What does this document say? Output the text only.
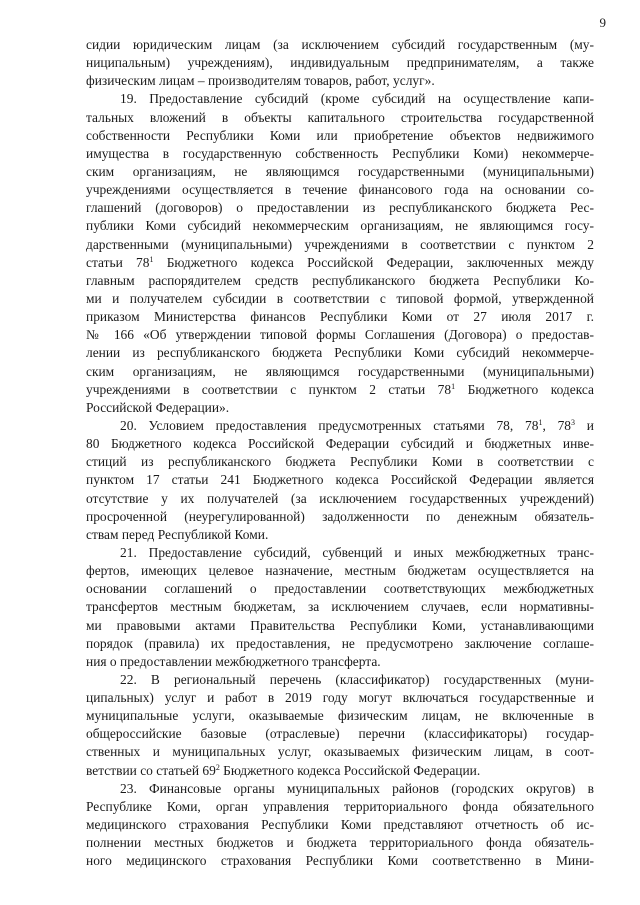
9
сидии юридическим лицам (за исключением субсидий государственным (му-
ниципальным) учреждениям), индивидуальным предпринимателям, а также
физическим лицам – производителям товаров, работ, услуг».
19. Предоставление субсидий (кроме субсидий на осуществление капи-
тальных вложений в объекты капитального строительства государственной
собственности Республики Коми или приобретение объектов недвижимого
имущества в государственную собственность Республики Коми) некоммерче-
ским организациям, не являющимся государственными (муниципальными)
учреждениями осуществляется в течение финансового года на основании со-
глашений (договоров) о предоставлении из республиканского бюджета Рес-
публики Коми субсидий некоммерческим организациям, не являющимся госу-
дарственными (муниципальными) учреждениями в соответствии с пунктом 2
статьи $78^1$ Бюджетного кодекса Российской Федерации, заключенных между
главным распорядителем средств республиканского бюджета Республики Ко-
ми и получателем субсидии в соответствии с типовой формой, утвержденной
приказом Министерства финансов Республики Коми от 27 июля 2017 г.
№ 166 «Об утверждении типовой формы Соглашения (Договора) о предостав-
лении из республиканского бюджета Республики Коми субсидий некоммерче-
ским организациям, не являющимся государственными (муниципальными)
учреждениями в соответствии с пунктом 2 статьи $78^1$ Бюджетного кодекса
Российской Федерации».
20. Условием предоставления предусмотренных статьями 78, $78^1$, $78^3$ и
80 Бюджетного кодекса Российской Федерации субсидий и бюджетных инве-
стиций из республиканского бюджета Республики Коми в соответствии с
пунктом 17 статьи 241 Бюджетного кодекса Российской Федерации является
отсутствие у их получателей (за исключением государственных учреждений)
просроченной (неурегулированной) задолженности по денежным обязатель-
ствам перед Республикой Коми.
21. Предоставление субсидий, субвенций и иных межбюджетных транс-
фертов, имеющих целевое назначение, местным бюджетам осуществляется на
основании соглашений о предоставлении соответствующих межбюджетных
трансфертов местным бюджетам, за исключением случаев, если нормативны-
ми правовыми актами Правительства Республики Коми, устанавливающими
порядок (правила) их предоставления, не предусмотрено заключение соглаше-
ния о предоставлении межбюджетного трансферта.
22. В региональный перечень (классификатор) государственных (муни-
ципальных) услуг и работ в 2019 году могут включаться государственные и
муниципальные услуги, оказываемые физическим лицам, не включенные в
общероссийские базовые (отраслевые) перечни (классификаторы) государ-
ственных и муниципальных услуг, оказываемых физическим лицам, в соот-
ветствии со статьей $69^2$ Бюджетного кодекса Российской Федерации.
23. Финансовые органы муниципальных районов (городских округов) в
Республике Коми, орган управления территориального фонда обязательного
медицинского страхования Республики Коми представляют отчетность об ис-
полнении местных бюджетов и бюджета территориального фонда обязатель-
ного медицинского страхования Республики Коми соответственно в Мини-
